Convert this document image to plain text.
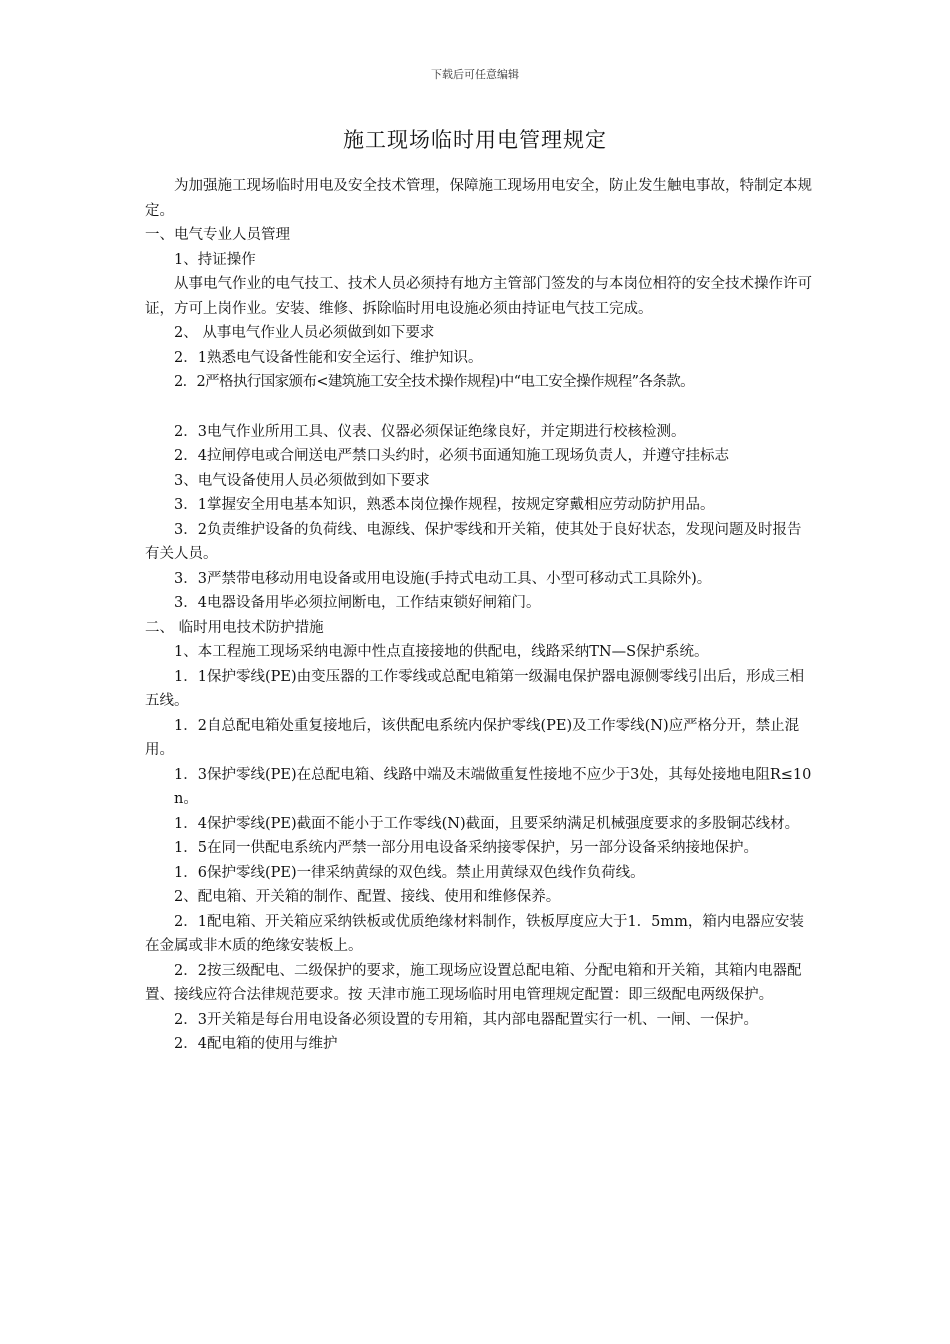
下载后可任意编辑
施工现场临时用电管理规定

为加强施工现场临时用电及安全技术管理，保障施工现场用电安全，防止发生触电事故，特制定本规定。

一、电气专业人员管理

1、持证操作

从事电气作业的电气技工、技术人员必须持有地方主管部门签发的与本岗位相符的安全技术操作许可证，方可上岗作业。安装、维修、拆除临时用电设施必须由持证电气技工完成。

2、 从事电气作业人员必须做到如下要求

2．1熟悉电气设备性能和安全运行、维护知识。

2．2严格执行国家颁布<建筑施工安全技术操作规程)中“电工安全操作规程”各条款。

2．3电气作业所用工具、仪表、仪器必须保证绝缘良好，并定期进行校核检测。

2．4拉闸停电或合闸送电严禁口头约时，必须书面通知施工现场负责人，并遵守挂标志

3、电气设备使用人员必须做到如下要求

3．1掌握安全用电基本知识，熟悉本岗位操作规程，按规定穿戴相应劳动防护用品。

3．2负责维护设备的负荷线、电源线、保护零线和开关箱，使其处于良好状态，发现问题及时报告有关人员。

3．3严禁带电移动用电设备或用电设施(手持式电动工具、小型可移动式工具除外)。

3．4电器设备用毕必须拉闸断电，工作结束锁好闸箱门。

二、 临时用电技术防护措施

1、本工程施工现场采纳电源中性点直接接地的供配电，线路采纳TN—S保护系统。

1．1保护零线(PE)由变压器的工作零线或总配电箱第一级漏电保护器电源侧零线引出后，形成三相五线。

1．2自总配电箱处重复接地后，该供配电系统内保护零线(PE)及工作零线(N)应严格分开，禁止混用。

1．3保护零线(PE)在总配电箱、线路中端及末端做重复性接地不应少于3处，其每处接地电阻R≤10n。

1．4保护零线(PE)截面不能小于工作零线(N)截面，且要采纳满足机械强度要求的多股铜芯线材。

1．5在同一供配电系统内严禁一部分用电设备采纳接零保护，另一部分设备采纳接地保护。

1．6保护零线(PE)一律采纳黄绿的双色线。禁止用黄绿双色线作负荷线。

2、配电箱、开关箱的制作、配置、接线、使用和维修保养。

2．1配电箱、开关箱应采纳铁板或优质绝缘材料制作，铁板厚度应大于1．5mm，箱内电器应安装在金属或非木质的绝缘安装板上。

2．2按三级配电、二级保护的要求，施工现场应设置总配电箱、分配电箱和开关箱，其箱内电器配置、接线应符合法律规范要求。按 天津市施工现场临时用电管理规定配置：即三级配电两级保护。

2．3开关箱是每台用电设备必须设置的专用箱，其内部电器配置实行一机、一闸、一保护。

2．4配电箱的使用与维护
